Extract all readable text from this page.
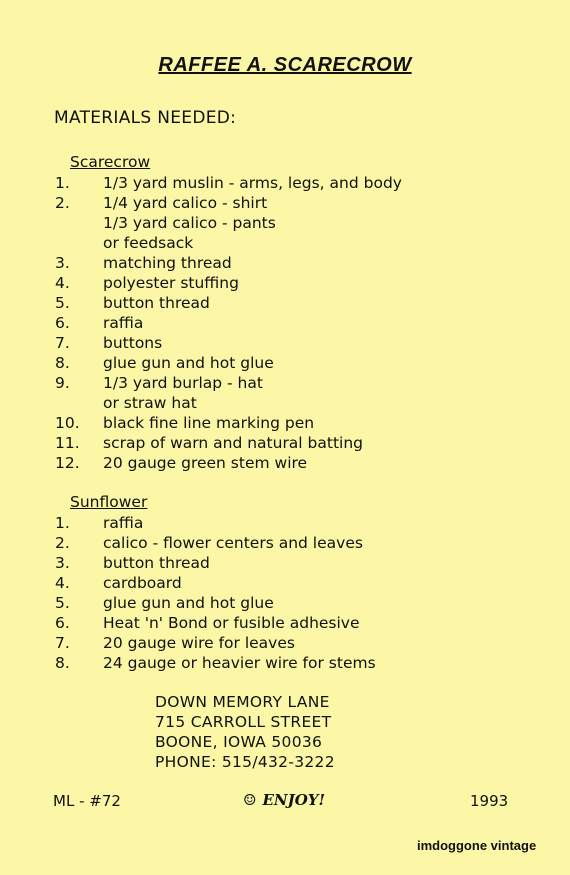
RAFFEE A. SCARECROW
MATERIALS NEEDED:
Scarecrow
1. 1/3 yard muslin - arms, legs, and body
2. 1/4 yard calico - shirt
1/3 yard calico - pants
or feedsack
3. matching thread
4. polyester stuffing
5. button thread
6. raffia
7. buttons
8. glue gun and hot glue
9. 1/3 yard burlap - hat
or straw hat
10. black fine line marking pen
11. scrap of warn and natural batting
12. 20 gauge green stem wire
Sunflower
1. raffia
2. calico - flower centers and leaves
3. button thread
4. cardboard
5. glue gun and hot glue
6. Heat 'n' Bond or fusible adhesive
7. 20 gauge wire for leaves
8. 24 gauge or heavier wire for stems
DOWN MEMORY LANE
715 CARROLL STREET
BOONE, IOWA 50036
PHONE: 515/432-3222
ML - #72	☺ ENJOY!	1993
imdoggone vintage
